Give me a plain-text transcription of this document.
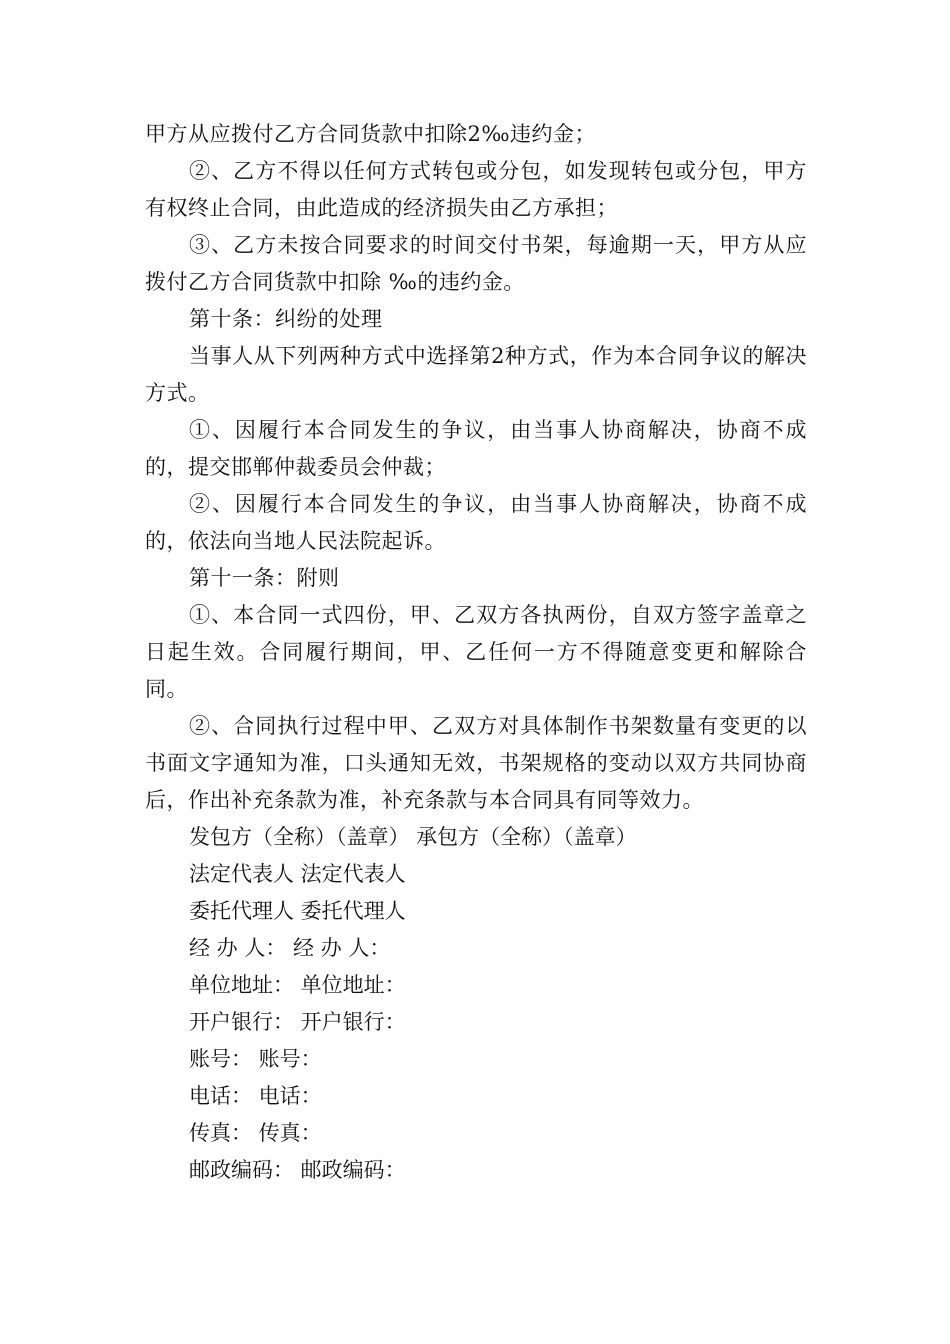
甲方从应拨付乙方合同货款中扣除2‰违约金；

②、乙方不得以任何方式转包或分包，如发现转包或分包，甲方有权终止合同，由此造成的经济损失由乙方承担；

③、乙方未按合同要求的时间交付书架，每逾期一天，甲方从应拨付乙方合同货款中扣除 ‰的违约金。

第十条：纠纷的处理

当事人从下列两种方式中选择第2种方式，作为本合同争议的解决方式。

①、因履行本合同发生的争议，由当事人协商解决，协商不成的，提交邯郸仲裁委员会仲裁；

②、因履行本合同发生的争议，由当事人协商解决，协商不成的，依法向当地人民法院起诉。

第十一条：附则

①、本合同一式四份，甲、乙双方各执两份，自双方签字盖章之日起生效。合同履行期间，甲、乙任何一方不得随意变更和解除合同。

②、合同执行过程中甲、乙双方对具体制作书架数量有变更的以书面文字通知为准，口头通知无效，书架规格的变动以双方共同协商后，作出补充条款为准，补充条款与本合同具有同等效力。

发包方（全称）（盖章） 承包方（全称）（盖章）

法定代表人 法定代表人

委托代理人 委托代理人

经 办 人： 经 办 人：

单位地址： 单位地址：

开户银行： 开户银行：

账号： 账号：

电话： 电话：

传真： 传真：

邮政编码： 邮政编码：
